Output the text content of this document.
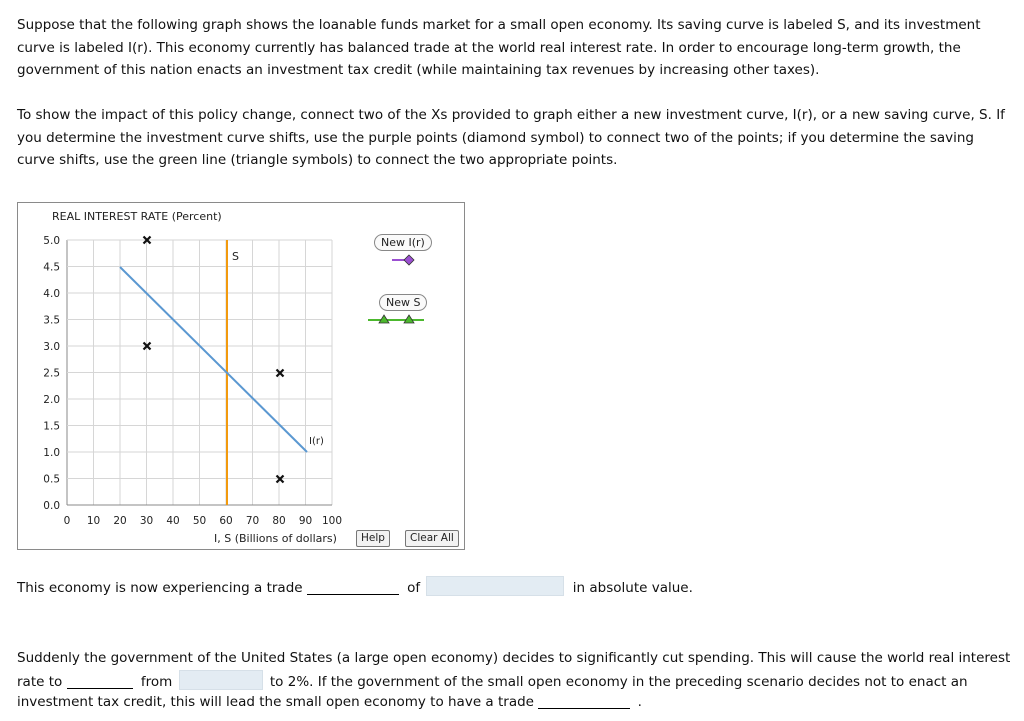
Suppose that the following graph shows the loanable funds market for a small open economy. Its saving curve is labeled S, and its investment curve is labeled I(r). This economy currently has balanced trade at the world real interest rate. In order to encourage long-term growth, the government of this nation enacts an investment tax credit (while maintaining tax revenues by increasing other taxes).

To show the impact of this policy change, connect two of the Xs provided to graph either a new investment curve, I(r), or a new saving curve, S. If you determine the investment curve shifts, use the purple points (diamond symbol) to connect two of the points; if you determine the saving curve shifts, use the green line (triangle symbols) to connect the two appropriate points.

REAL INTEREST RATE (Percent)
5.0
4.5
4.0
3.5
3.0
2.5
2.0
1.5
1.0
0.5
0.0
0 10 20 30 40 50 60 70 80 90 100
S
I(r)
I, S (Billions of dollars)
New I(r)
New S
Help	Clear All
This economy is now experiencing a trade	of	in absolute value.
Suddenly the government of the United States (a large open economy) decides to significantly cut spending. This will cause the world real interest
rate to	from	to 2%. If the government of the small open economy in the preceding scenario decides not to enact an
investment tax credit, this will lead the small open economy to have a trade	.
